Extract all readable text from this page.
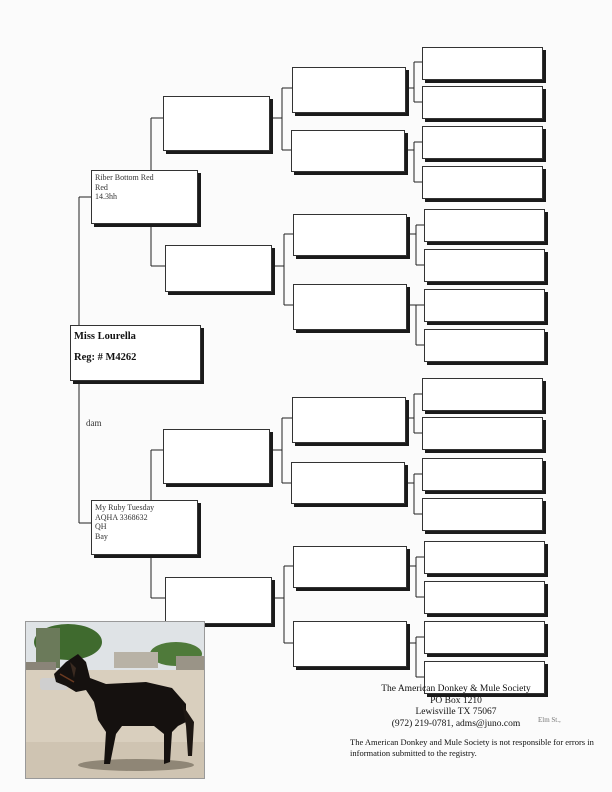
Miss Lourella
Reg: # M4262
Riber Bottom Red
Red
14.3hh
dam
My Ruby Tuesday
AQHA 3368632
QH
Bay
The American Donkey & Mule Society
PO Box 1210
Lewisville TX 75067
(972) 219-0781, adms@juno.com	Elm St.,
The American Donkey and Mule Society is not responsible for errors in information submitted to the registry.
